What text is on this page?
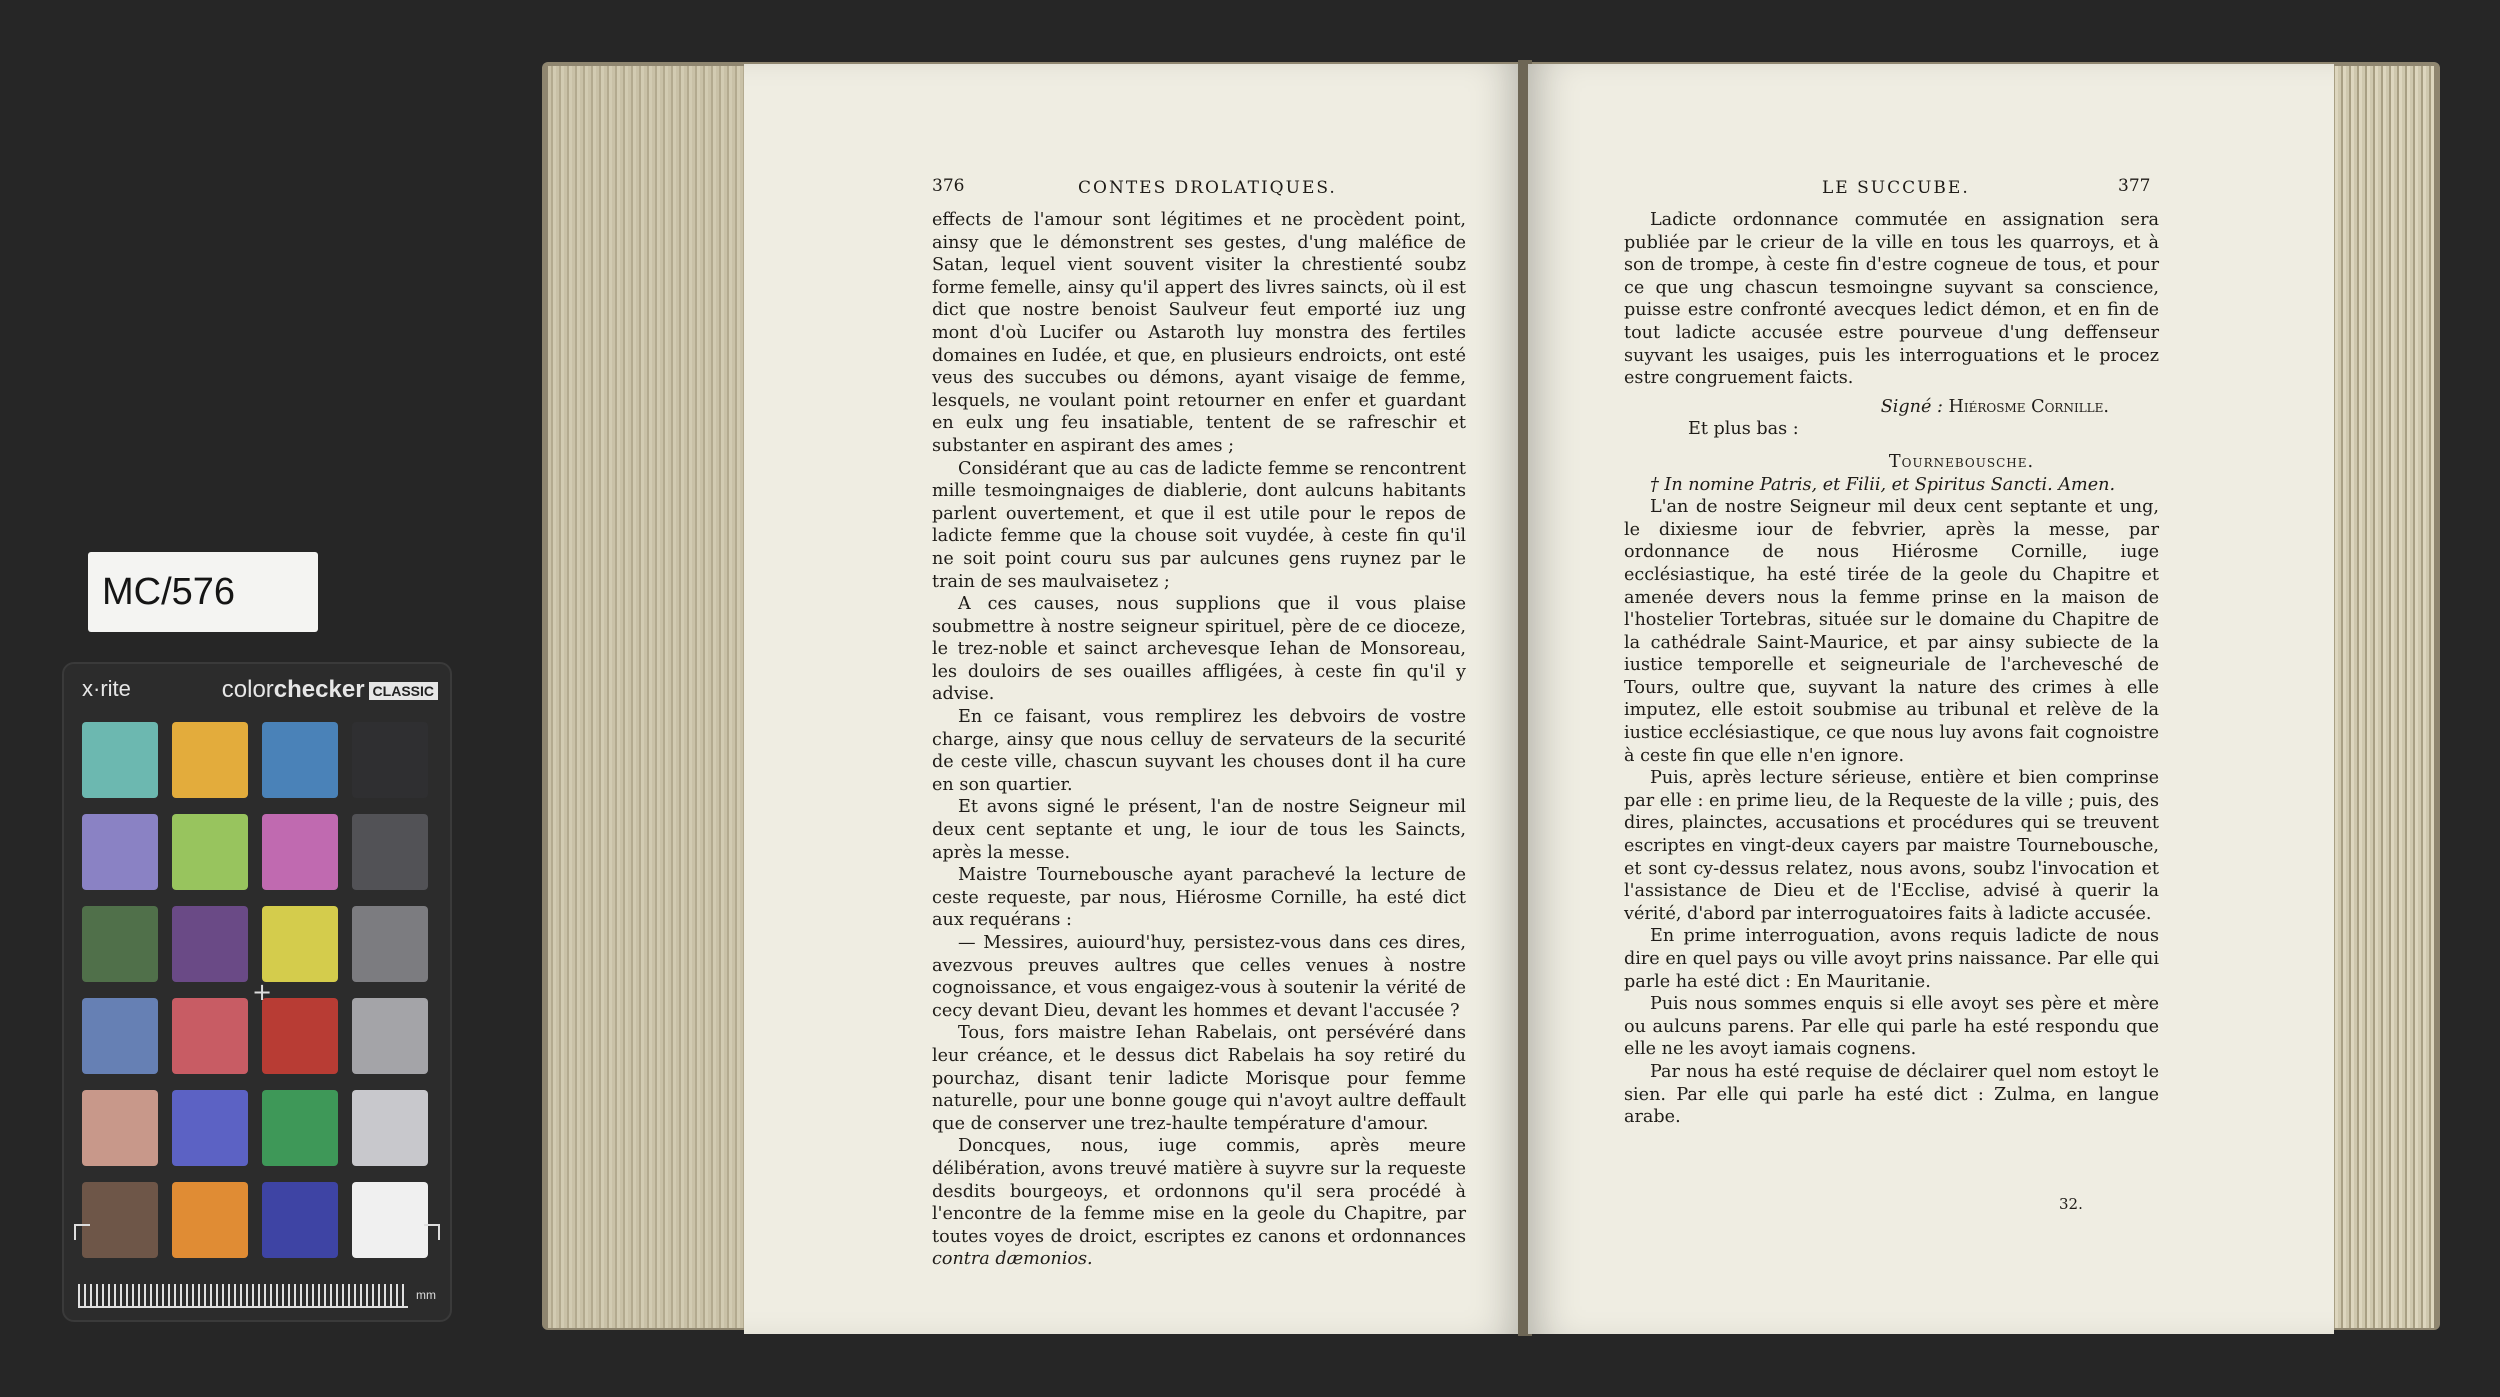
MC/576
x·rite	colorchecker CLASSIC
+
mm
376	CONTES DROLATIQUES.

effects de l'amour sont légitimes et ne procèdent point, ainsy que le démonstrent ses gestes, d'ung maléfice de Satan, lequel vient souvent visiter la chrestienté soubz forme femelle, ainsy qu'il appert des livres saincts, où il est dict que nostre benoist Saulveur feut emporté iuz ung mont d'où Lucifer ou Astaroth luy monstra des fertiles domaines en Iudée, et que, en plusieurs endroicts, ont esté veus des succubes ou démons, ayant visaige de femme, lesquels, ne voulant point retourner en enfer et guardant en eulx ung feu insatiable, tentent de se rafreschir et substanter en aspirant des ames ;

Considérant que au cas de ladicte femme se rencontrent mille tesmoingnaiges de diablerie, dont aulcuns habitants parlent ouvertement, et que il est utile pour le repos de ladicte femme que la chouse soit vuydée, à ceste fin qu'il ne soit point couru sus par aulcunes gens ruynez par le train de ses maulvaisetez ;

A ces causes, nous supplions que il vous plaise soubmettre à nostre seigneur spirituel, père de ce dioceze, le trez-noble et sainct archevesque Iehan de Monsoreau, les douloirs de ses ouailles affligées, à ceste fin qu'il y advise.

En ce faisant, vous remplirez les debvoirs de vostre charge, ainsy que nous celluy de servateurs de la securité de ceste ville, chascun suyvant les chouses dont il ha cure en son quartier.

Et avons signé le présent, l'an de nostre Seigneur mil deux cent septante et ung, le iour de tous les Saincts, après la messe.

Maistre Tournebousche ayant parachevé la lecture de ceste requeste, par nous, Hiérosme Cornille, ha esté dict aux requérans :

— Messires, auiourd'huy, persistez-vous dans ces dires, avezvous preuves aultres que celles venues à nostre cognoissance, et vous engaigez-vous à soutenir la vérité de cecy devant Dieu, devant les hommes et devant l'accusée ?

Tous, fors maistre Iehan Rabelais, ont persévéré dans leur créance, et le dessus dict Rabelais ha soy retiré du pourchaz, disant tenir ladicte Morisque pour femme naturelle, pour une bonne gouge qui n'avoyt aultre deffault que de conserver une trez-haulte température d'amour.

Doncques, nous, iuge commis, après meure délibération, avons treuvé matière à suyvre sur la requeste desdits bourgeoys, et ordonnons qu'il sera procédé à l'encontre de la femme mise en la geole du Chapitre, par toutes voyes de droict, escriptes ez canons et ordonnances contra dæmonios.

LE SUCCUBE.	377

Ladicte ordonnance commutée en assignation sera publiée par le crieur de la ville en tous les quarroys, et à son de trompe, à ceste fin d'estre cogneue de tous, et pour ce que ung chascun tesmoingne suyvant sa conscience, puisse estre confronté avecques ledict démon, et en fin de tout ladicte accusée estre pourveue d'ung deffenseur suyvant les usaiges, puis les interroguations et le procez estre congruement faicts.

Signé : Hiérosme Cornille.

Et plus bas :

Tournebousche.

† In nomine Patris, et Filii, et Spiritus Sancti. Amen.

L'an de nostre Seigneur mil deux cent septante et ung, le dixiesme iour de febvrier, après la messe, par ordonnance de nous Hiérosme Cornille, iuge ecclésiastique, ha esté tirée de la geole du Chapitre et amenée devers nous la femme prinse en la maison de l'hostelier Tortebras, située sur le domaine du Chapitre de la cathédrale Saint-Maurice, et par ainsy subiecte de la iustice temporelle et seigneuriale de l'archevesché de Tours, oultre que, suyvant la nature des crimes à elle imputez, elle estoit soubmise au tribunal et relève de la iustice ecclésiastique, ce que nous luy avons fait cognoistre à ceste fin que elle n'en ignore.

Puis, après lecture sérieuse, entière et bien comprinse par elle : en prime lieu, de la Requeste de la ville ; puis, des dires, plainctes, accusations et procédures qui se treuvent escriptes en vingt-deux cayers par maistre Tournebousche, et sont cy-dessus relatez, nous avons, soubz l'invocation et l'assistance de Dieu et de l'Ecclise, advisé à querir la vérité, d'abord par interroguatoires faits à ladicte accusée.

En prime interroguation, avons requis ladicte de nous dire en quel pays ou ville avoyt prins naissance. Par elle qui parle ha esté dict : En Mauritanie.

Puis nous sommes enquis si elle avoyt ses père et mère ou aulcuns parens. Par elle qui parle ha esté respondu que elle ne les avoyt iamais cognens.

Par nous ha esté requise de déclairer quel nom estoyt le sien. Par elle qui parle ha esté dict : Zulma, en langue arabe.

32.
